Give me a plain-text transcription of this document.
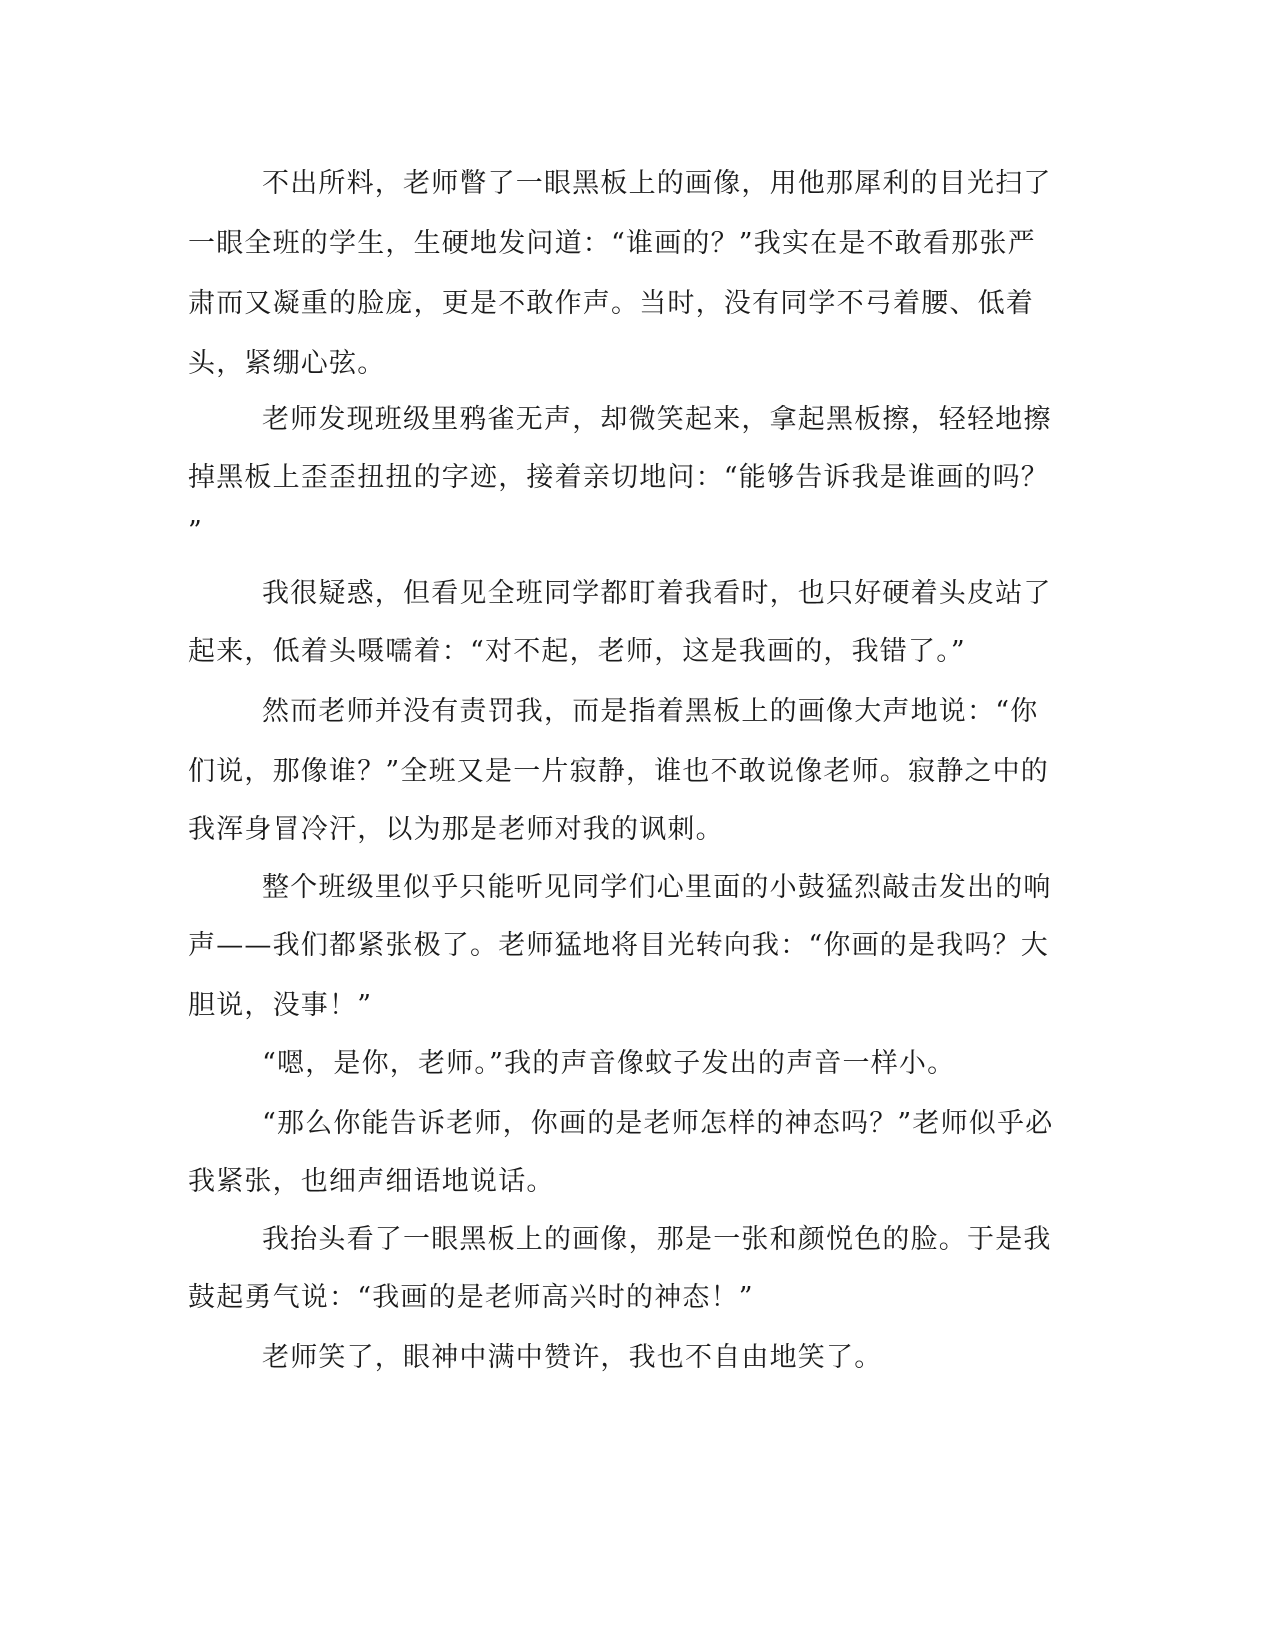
不出所料，老师瞥了一眼黑板上的画像，用他那犀利的目光扫了

一眼全班的学生，生硬地发问道：“谁画的？”我实在是不敢看那张严

肃而又凝重的脸庞，更是不敢作声。当时，没有同学不弓着腰、低着

头，紧绷心弦。

老师发现班级里鸦雀无声，却微笑起来，拿起黑板擦，轻轻地擦

掉黑板上歪歪扭扭的字迹，接着亲切地问：“能够告诉我是谁画的吗？

”

我很疑惑，但看见全班同学都盯着我看时，也只好硬着头皮站了

起来，低着头嗫嚅着：“对不起，老师，这是我画的，我错了。”

然而老师并没有责罚我，而是指着黑板上的画像大声地说：“你

们说，那像谁？”全班又是一片寂静，谁也不敢说像老师。寂静之中的

我浑身冒冷汗，以为那是老师对我的讽刺。

整个班级里似乎只能听见同学们心里面的小鼓猛烈敲击发出的响

声——我们都紧张极了。老师猛地将目光转向我：“你画的是我吗？大

胆说，没事！”

“嗯，是你，老师。”我的声音像蚊子发出的声音一样小。

“那么你能告诉老师，你画的是老师怎样的神态吗？”老师似乎必

我紧张，也细声细语地说话。

我抬头看了一眼黑板上的画像，那是一张和颜悦色的脸。于是我

鼓起勇气说：“我画的是老师高兴时的神态！”

老师笑了，眼神中满中赞许，我也不自由地笑了。
